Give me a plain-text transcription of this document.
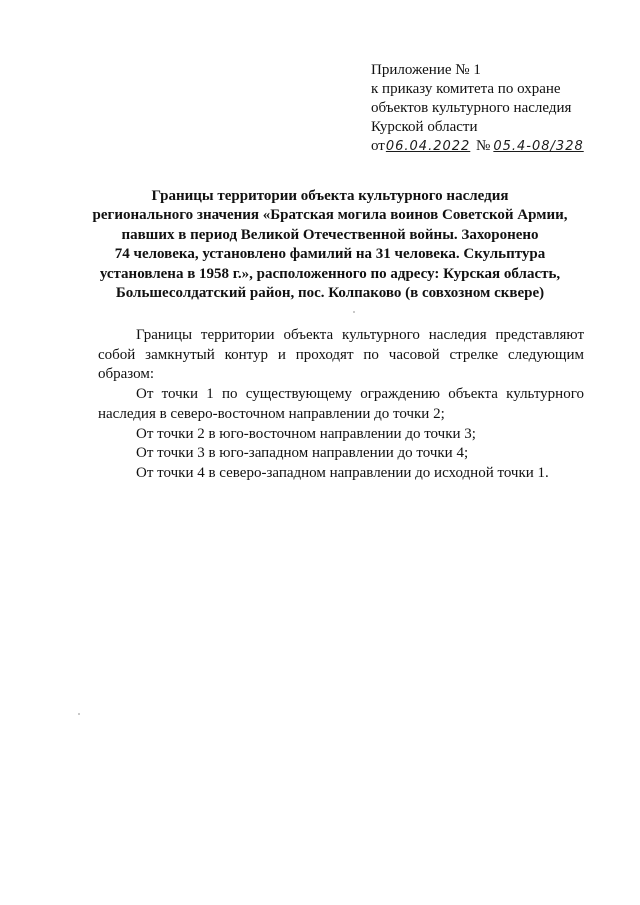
Приложение № 1
к приказу комитета по охране
объектов культурного наследия
Курской области
от06.04.2022 № 05.4-08/328
Границы территории объекта культурного наследия
регионального значения «Братская могила воинов Советской Армии,
павших в период Великой Отечественной войны. Захоронено
74 человека, установлено фамилий на 31 человека. Скульптура
установлена в 1958 г.», расположенного по адресу: Курская область,
Большесолдатский район, пос. Колпаково (в совхозном сквере)

Границы территории объекта культурного наследия представляют собой замкнутый контур и проходят по часовой стрелке следующим образом:

От точки 1 по существующему ограждению объекта культурного наследия в северо-восточном направлении до точки 2;

От точки 2 в юго-восточном направлении до точки 3;

От точки 3 в юго-западном направлении до точки 4;

От точки 4 в северо-западном направлении до исходной точки 1.
